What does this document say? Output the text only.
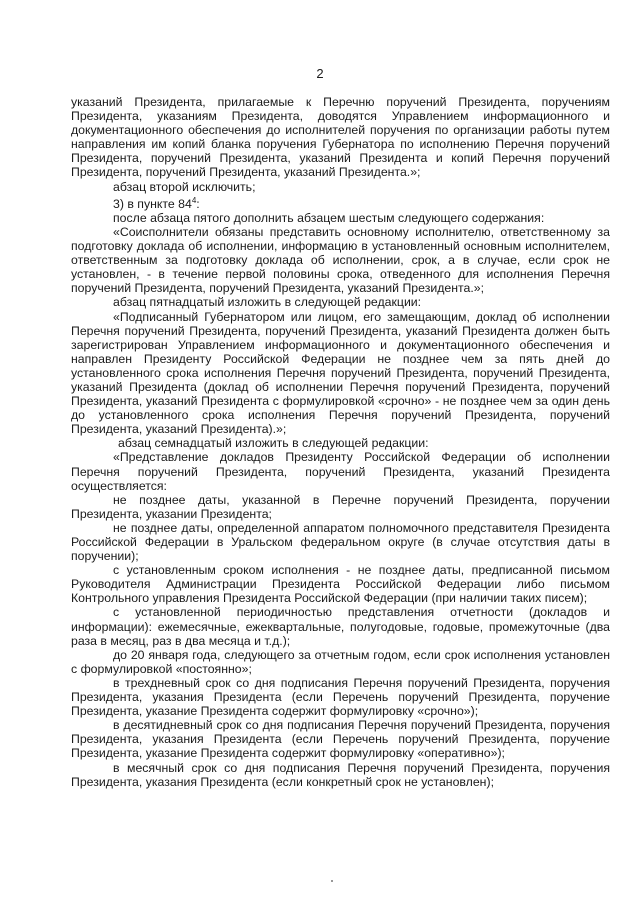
2

указаний Президента, прилагаемые к Перечню поручений Президента, поручениям Президента, указаниям Президента, доводятся Управлением информационного и документационного обеспечения до исполнителей поручения по организации работы путем направления им копий бланка поручения Губернатора по исполнению Перечня поручений Президента, поручений Президента, указаний Президента и копий Перечня поручений Президента, поручений Президента, указаний Президента.»;

абзац второй исключить;

3) в пункте $84^4$:

после абзаца пятого дополнить абзацем шестым следующего содержания:

«Соисполнители обязаны представить основному исполнителю, ответственному за подготовку доклада об исполнении, информацию в установленный основным исполнителем, ответственным за подготовку доклада об исполнении, срок, а в случае, если срок не установлен, - в течение первой половины срока, отведенного для исполнения Перечня поручений Президента, поручений Президента, указаний Президента.»;

абзац пятнадцатый изложить в следующей редакции:

«Подписанный Губернатором или лицом, его замещающим, доклад об исполнении Перечня поручений Президента, поручений Президента, указаний Президента должен быть зарегистрирован Управлением информационного и документационного обеспечения и направлен Президенту Российской Федерации не позднее чем за пять дней до установленного срока исполнения Перечня поручений Президента, поручений Президента, указаний Президента (доклад об исполнении Перечня поручений Президента, поручений Президента, указаний Президента с формулировкой «срочно» - не позднее чем за один день до установленного срока исполнения Перечня поручений Президента, поручений Президента, указаний Президента).»;

абзац семнадцатый изложить в следующей редакции:

«Представление докладов Президенту Российской Федерации об исполнении Перечня поручений Президента, поручений Президента, указаний Президента осуществляется:

не позднее даты, указанной в Перечне поручений Президента, поручении Президента, указании Президента;

не позднее даты, определенной аппаратом полномочного представителя Президента Российской Федерации в Уральском федеральном округе (в случае отсутствия даты в поручении);

с установленным сроком исполнения - не позднее даты, предписанной письмом Руководителя Администрации Президента Российской Федерации либо письмом Контрольного управления Президента Российской Федерации (при наличии таких писем);

с установленной периодичностью представления отчетности (докладов и информации): ежемесячные, ежеквартальные, полугодовые, годовые, промежуточные (два раза в месяц, раз в два месяца и т.д.);

до 20 января года, следующего за отчетным годом, если срок исполнения установлен с формулировкой «постоянно»;

в трехдневный срок со дня подписания Перечня поручений Президента, поручения Президента, указания Президента (если Перечень поручений Президента, поручение Президента, указание Президента содержит формулировку «срочно»);

в десятидневный срок со дня подписания Перечня поручений Президента, поручения Президента, указания Президента (если Перечень поручений Президента, поручение Президента, указание Президента содержит формулировку «оперативно»);

в месячный срок со дня подписания Перечня поручений Президента, поручения Президента, указания Президента (если конкретный срок не установлен);
